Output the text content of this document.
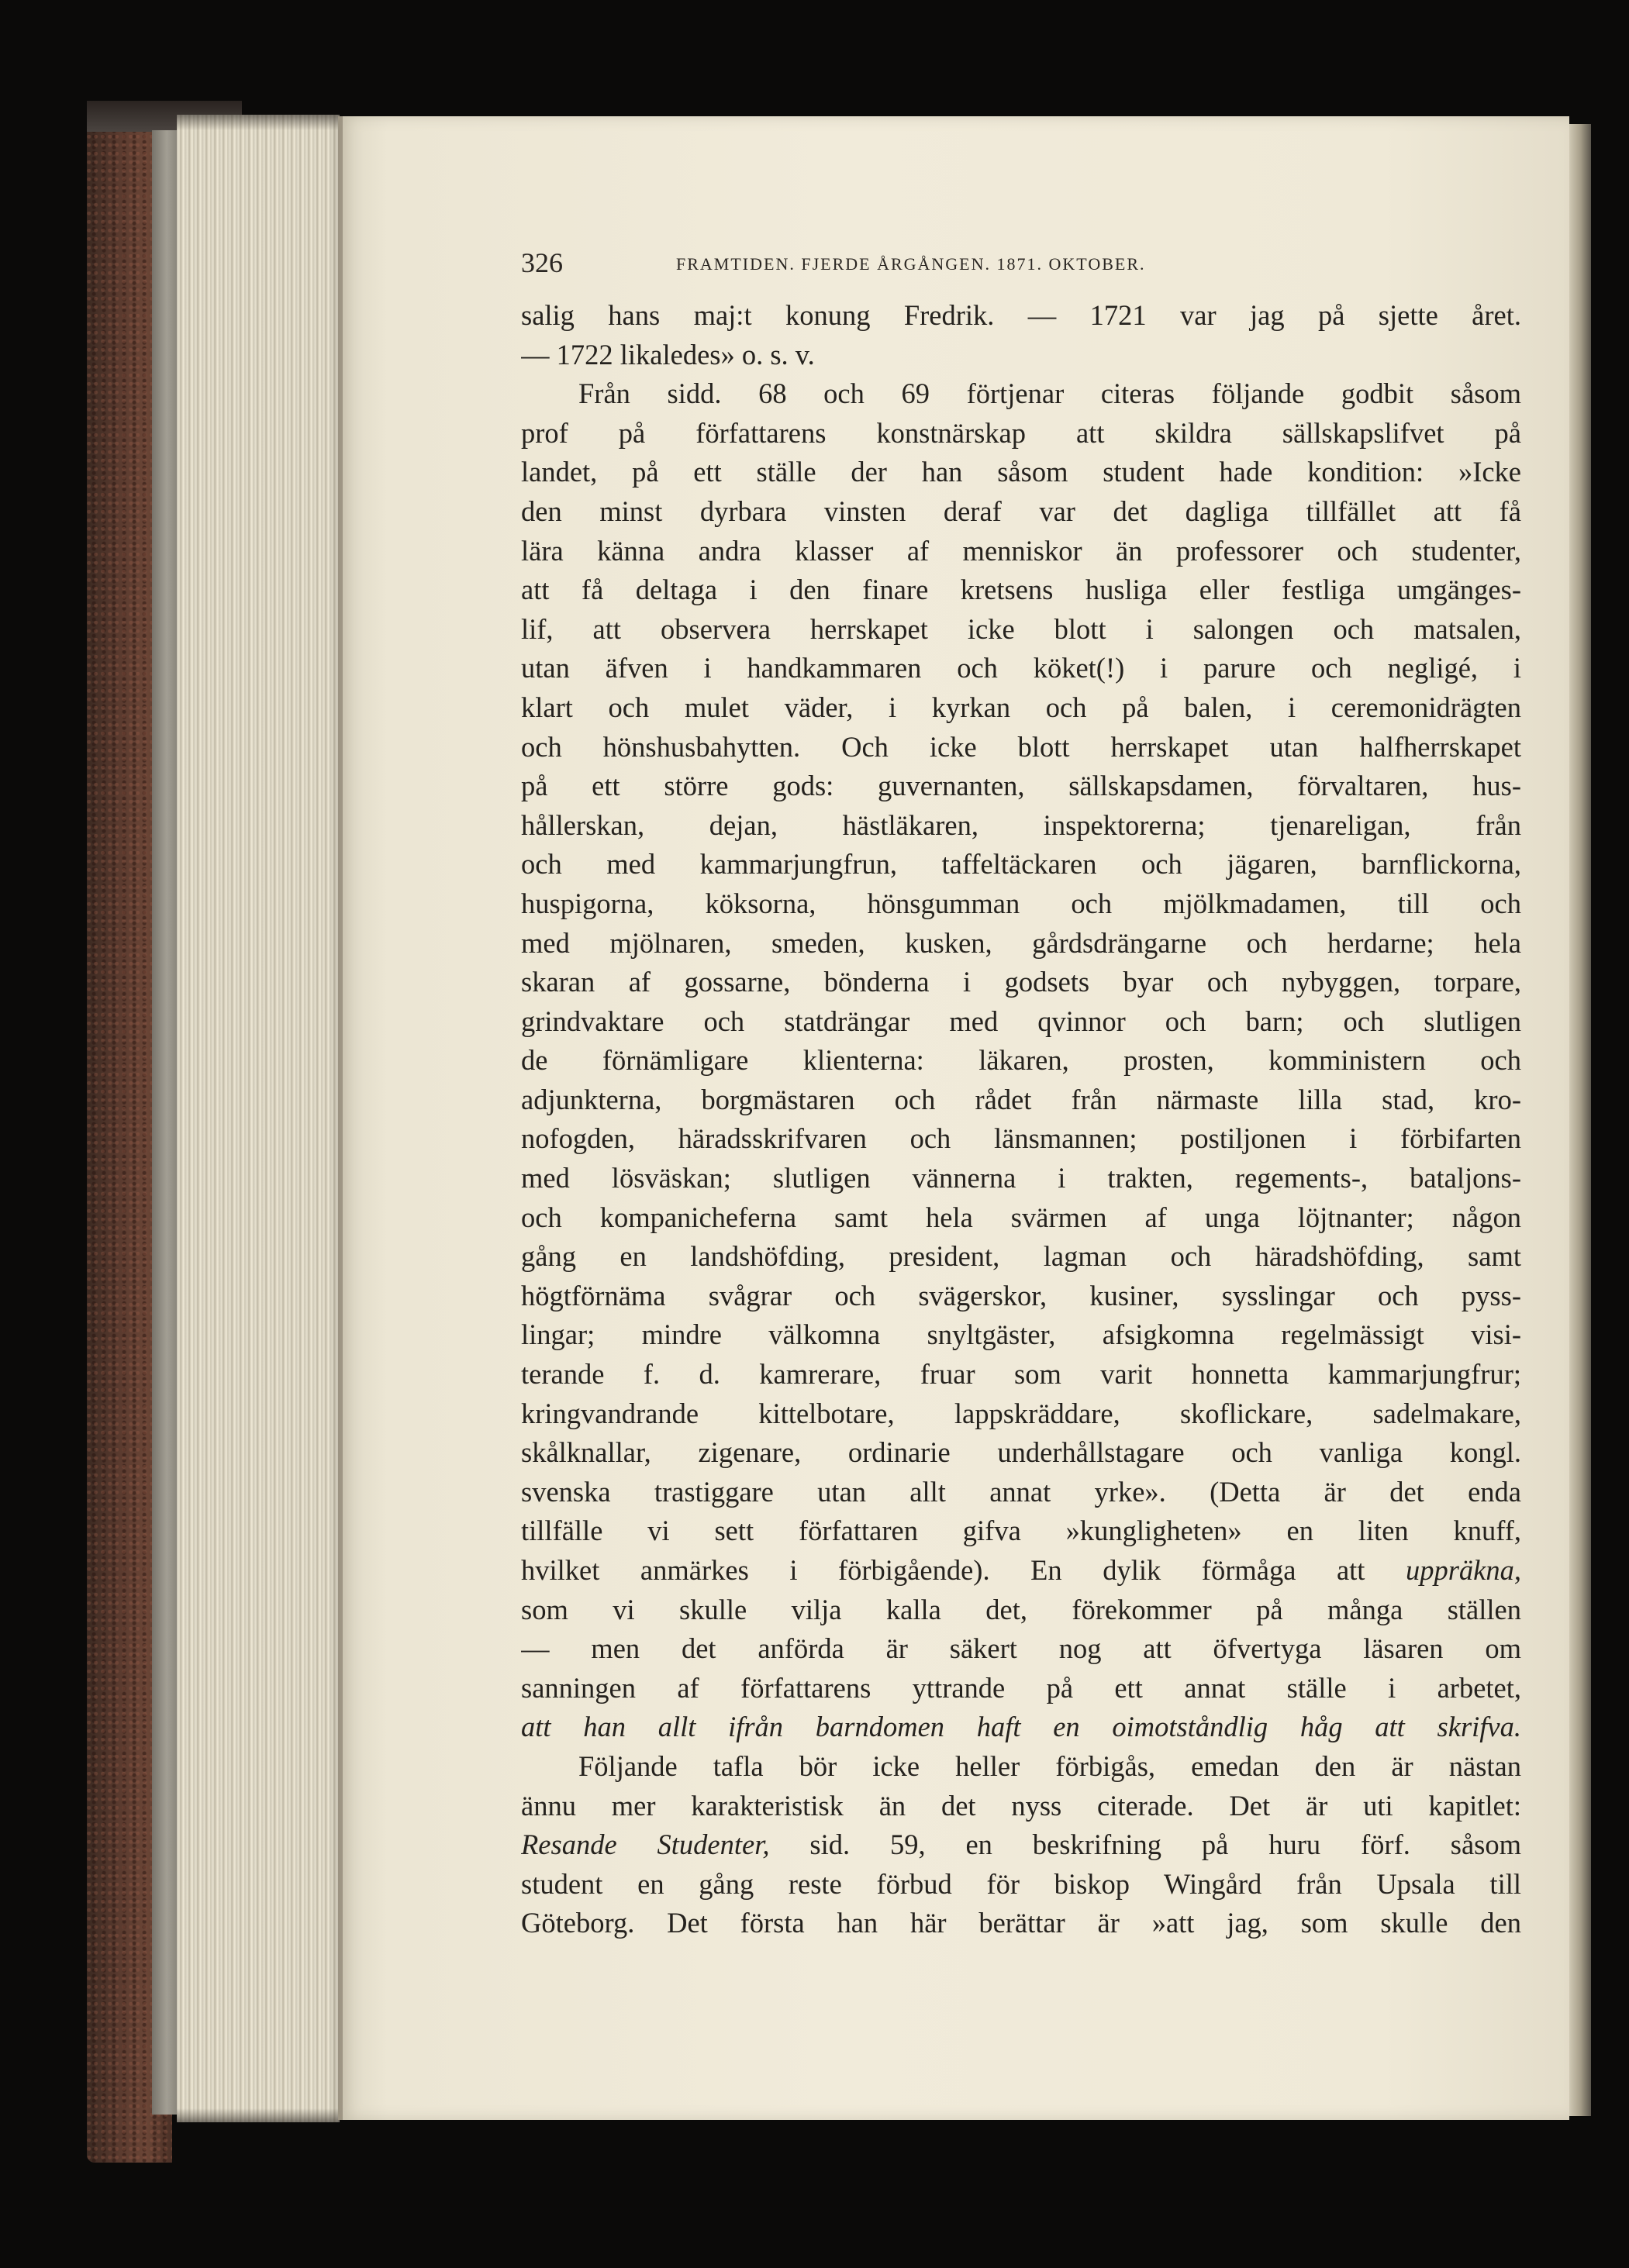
326	FRAMTIDEN. FJERDE ÅRGÅNGEN. 1871. OKTOBER.
salig hans maj:t konung Fredrik. — 1721 var jag på sjette året.
— 1722 likaledes» o. s. v.
Från sidd. 68 och 69 förtjenar citeras följande godbit såsom
prof på författarens konstnärskap att skildra sällskapslifvet på
landet, på ett ställe der han såsom student hade kondition: »Icke
den minst dyrbara vinsten deraf var det dagliga tillfället att få
lära känna andra klasser af menniskor än professorer och studenter,
att få deltaga i den finare kretsens husliga eller festliga umgänges-
lif, att observera herrskapet icke blott i salongen och matsalen,
utan äfven i handkammaren och köket(!) i parure och negligé, i
klart och mulet väder, i kyrkan och på balen, i ceremonidrägten
och hönshusbahytten. Och icke blott herrskapet utan halfherrskapet
på ett större gods: guvernanten, sällskapsdamen, förvaltaren, hus-
hållerskan, dejan, hästläkaren, inspektorerna; tjenareligan, från
och med kammarjungfrun, taffeltäckaren och jägaren, barnflickorna,
huspigorna, köksorna, hönsgumman och mjölkmadamen, till och
med mjölnaren, smeden, kusken, gårdsdrängarne och herdarne; hela
skaran af gossarne, bönderna i godsets byar och nybyggen, torpare,
grindvaktare och statdrängar med qvinnor och barn; och slutligen
de förnämligare klienterna: läkaren, prosten, komministern och
adjunkterna, borgmästaren och rådet från närmaste lilla stad, kro-
nofogden, häradsskrifvaren och länsmannen; postiljonen i förbifarten
med lösväskan; slutligen vännerna i trakten, regements-, bataljons-
och kompanicheferna samt hela svärmen af unga löjtnanter; någon
gång en landshöfding, president, lagman och häradshöfding, samt
högtförnäma svågrar och svägerskor, kusiner, sysslingar och pyss-
lingar; mindre välkomna snyltgäster, afsigkomna regelmässigt visi-
terande f. d. kamrerare, fruar som varit honnetta kammarjungfrur;
kringvandrande kittelbotare, lappskräddare, skoflickare, sadelmakare,
skålknallar, zigenare, ordinarie underhållstagare och vanliga kongl.
svenska trastiggare utan allt annat yrke». (Detta är det enda
tillfälle vi sett författaren gifva »kungligheten» en liten knuff,
hvilket anmärkes i förbigående). En dylik förmåga att uppräkna,
som vi skulle vilja kalla det, förekommer på många ställen
— men det anförda är säkert nog att öfvertyga läsaren om
sanningen af författarens yttrande på ett annat ställe i arbetet,
att han allt ifrån barndomen haft en oimotståndlig håg att skrifva.
Följande tafla bör icke heller förbigås, emedan den är nästan
ännu mer karakteristisk än det nyss citerade. Det är uti kapitlet:
Resande Studenter, sid. 59, en beskrifning på huru förf. såsom
student en gång reste förbud för biskop Wingård från Upsala till
Göteborg. Det första han här berättar är »att jag, som skulle den
